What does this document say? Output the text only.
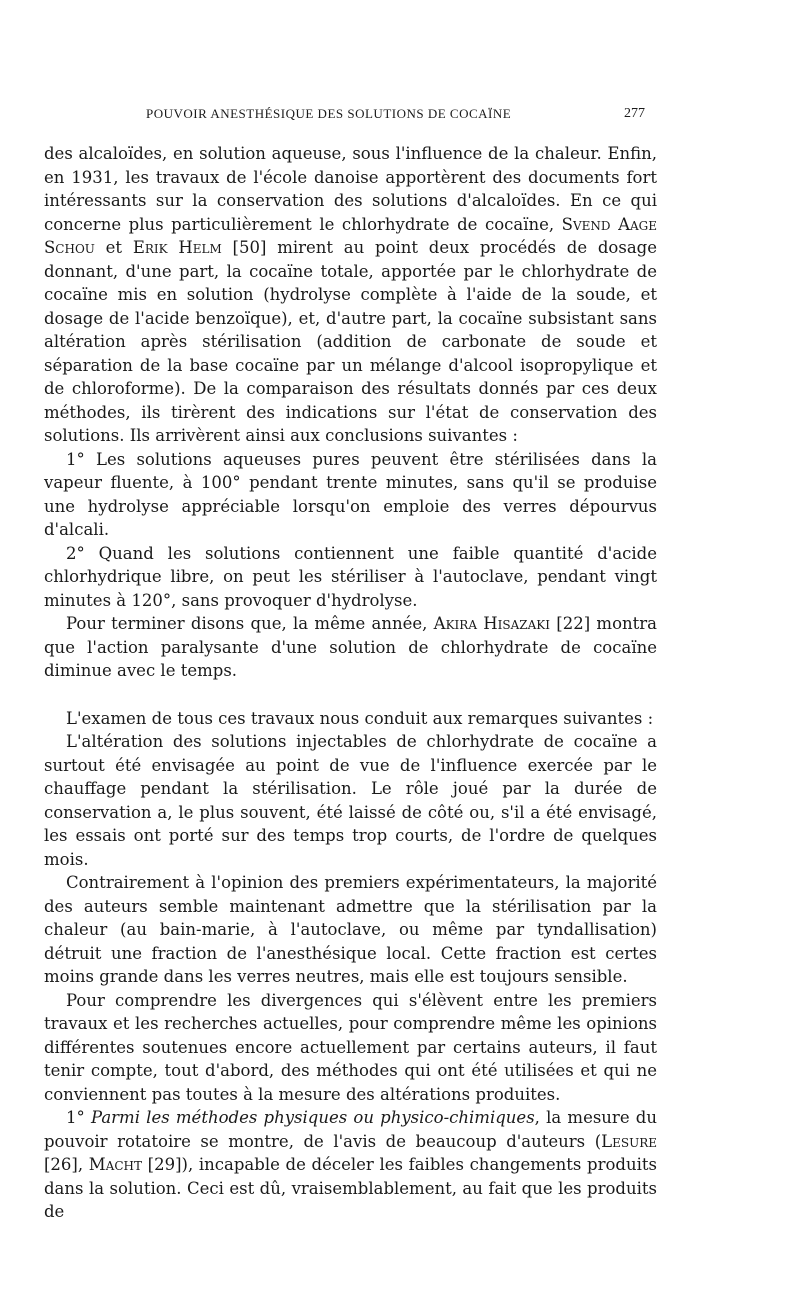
POUVOIR ANESTHÉSIQUE DES SOLUTIONS DE COCAÏNE	277

des alcaloïdes, en solution aqueuse, sous l'influence de la chaleur. Enfin, en 1931, les travaux de l'école danoise apportèrent des documents fort intéressants sur la conservation des solutions d'alcaloïdes. En ce qui concerne plus particulièrement le chlorhydrate de cocaïne, Svend Aage Schou et Erik Helm [50] mirent au point deux procédés de dosage donnant, d'une part, la cocaïne totale, apportée par le chlorhydrate de cocaïne mis en solution (hydrolyse complète à l'aide de la soude, et dosage de l'acide benzoïque), et, d'autre part, la cocaïne subsistant sans altération après stérilisation (addition de carbonate de soude et séparation de la base cocaïne par un mélange d'alcool isopropylique et de chloroforme). De la comparaison des résultats donnés par ces deux méthodes, ils tirèrent des indications sur l'état de conservation des solutions. Ils arrivèrent ainsi aux conclusions suivantes :

1° Les solutions aqueuses pures peuvent être stérilisées dans la vapeur fluente, à 100° pendant trente minutes, sans qu'il se produise une hydrolyse appréciable lorsqu'on emploie des verres dépourvus d'alcali.

2° Quand les solutions contiennent une faible quantité d'acide chlorhydrique libre, on peut les stériliser à l'autoclave, pendant vingt minutes à 120°, sans provoquer d'hydrolyse.

Pour terminer disons que, la même année, Akira Hisazaki [22] montra que l'action paralysante d'une solution de chlorhydrate de cocaïne diminue avec le temps.

L'examen de tous ces travaux nous conduit aux remarques suivantes :

L'altération des solutions injectables de chlorhydrate de cocaïne a surtout été envisagée au point de vue de l'influence exercée par le chauffage pendant la stérilisation. Le rôle joué par la durée de conservation a, le plus souvent, été laissé de côté ou, s'il a été envisagé, les essais ont porté sur des temps trop courts, de l'ordre de quelques mois.

Contrairement à l'opinion des premiers expérimentateurs, la majorité des auteurs semble maintenant admettre que la stérilisation par la chaleur (au bain-marie, à l'autoclave, ou même par tyndallisation) détruit une fraction de l'anesthésique local. Cette fraction est certes moins grande dans les verres neutres, mais elle est toujours sensible.

Pour comprendre les divergences qui s'élèvent entre les premiers travaux et les recherches actuelles, pour comprendre même les opinions différentes soutenues encore actuellement par certains auteurs, il faut tenir compte, tout d'abord, des méthodes qui ont été utilisées et qui ne conviennent pas toutes à la mesure des altérations produites.

1° Parmi les méthodes physiques ou physico-chimiques, la mesure du pouvoir rotatoire se montre, de l'avis de beaucoup d'auteurs (Lesure [26], Macht [29]), incapable de déceler les faibles changements produits dans la solution. Ceci est dû, vraisemblablement, au fait que les produits de
